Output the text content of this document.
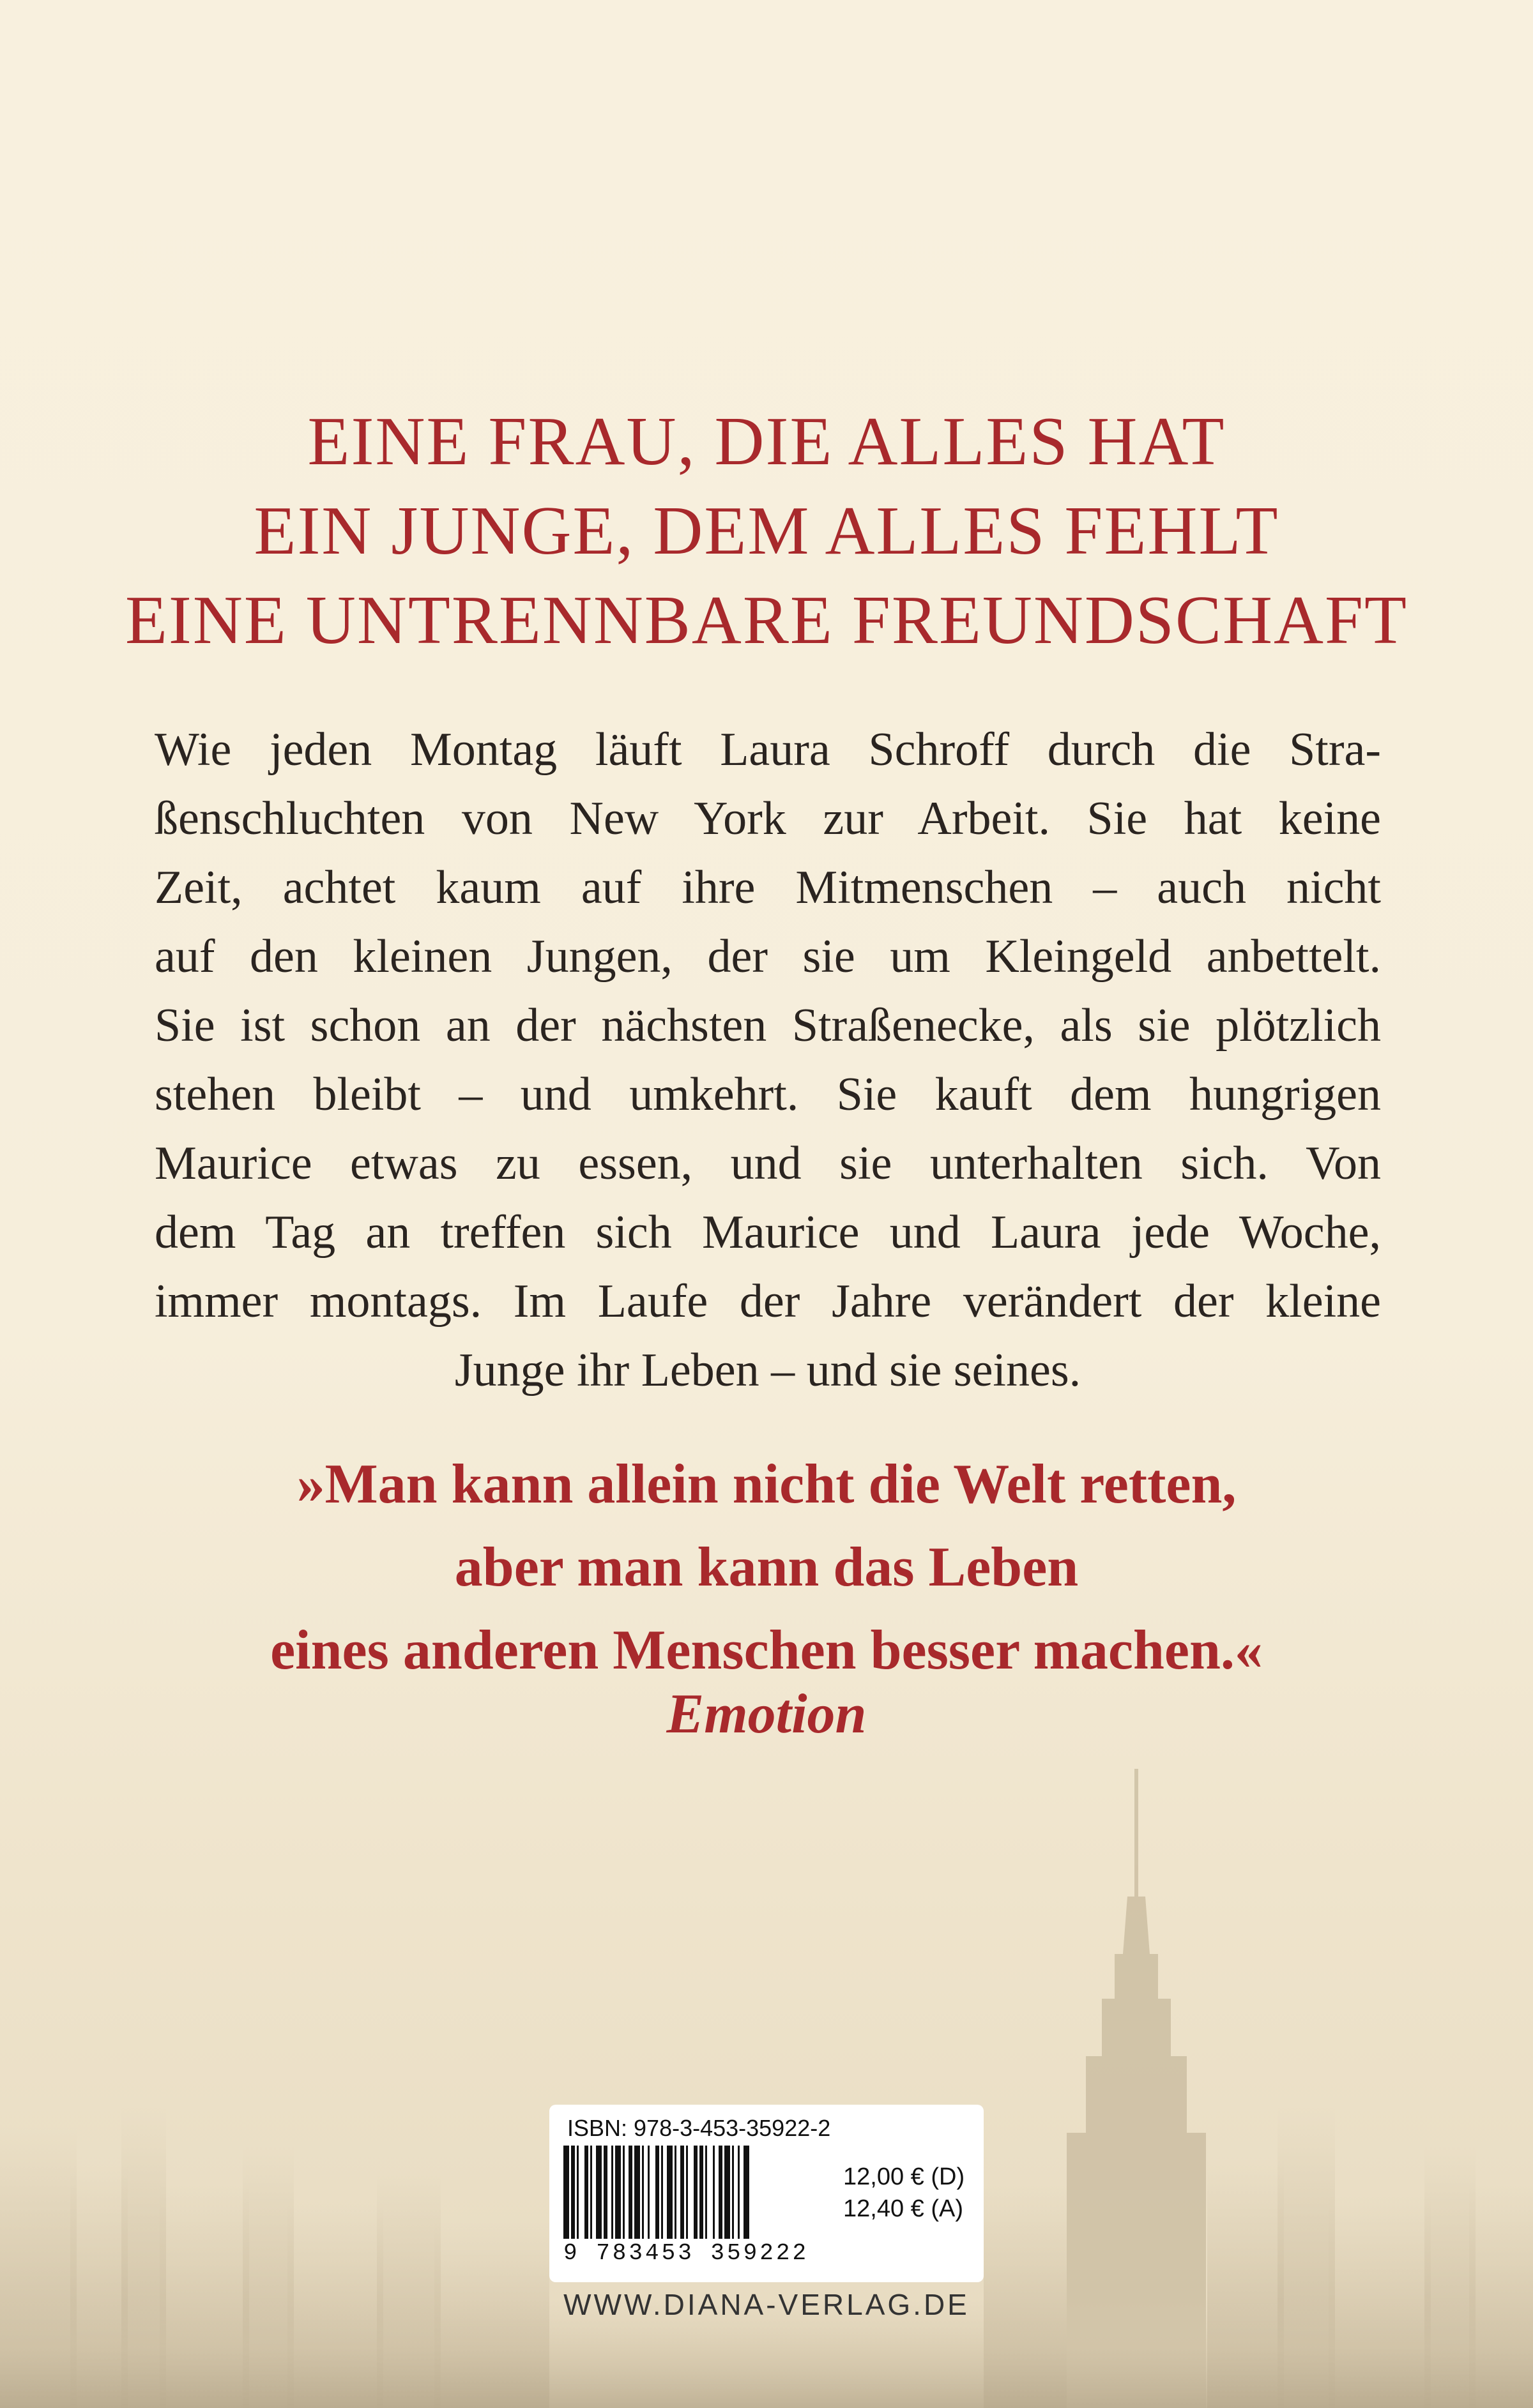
EINE FRAU, DIE ALLES HAT
EIN JUNGE, DEM ALLES FEHLT
EINE UNTRENNBARE FREUNDSCHAFT
Wie jeden Montag läuft Laura Schroff durch die Stra-
ßenschluchten von New York zur Arbeit. Sie hat keine
Zeit, achtet kaum auf ihre Mitmenschen – auch nicht
auf den kleinen Jungen, der sie um Kleingeld anbettelt.
Sie ist schon an der nächsten Straßenecke, als sie plötzlich
stehen bleibt – und umkehrt. Sie kauft dem hungrigen
Maurice etwas zu essen, und sie unterhalten sich. Von
dem Tag an treffen sich Maurice und Laura jede Woche,
immer montags. Im Laufe der Jahre verändert der kleine
Junge ihr Leben – und sie seines.
»Man kann allein nicht die Welt retten,
aber man kann das Leben
eines anderen Menschen besser machen.«
Emotion
ISBN: 978-3-453-35922-2
9 783453 359222
12,00 € (D)
12,40 € (A)
WWW.DIANA-VERLAG.DE
